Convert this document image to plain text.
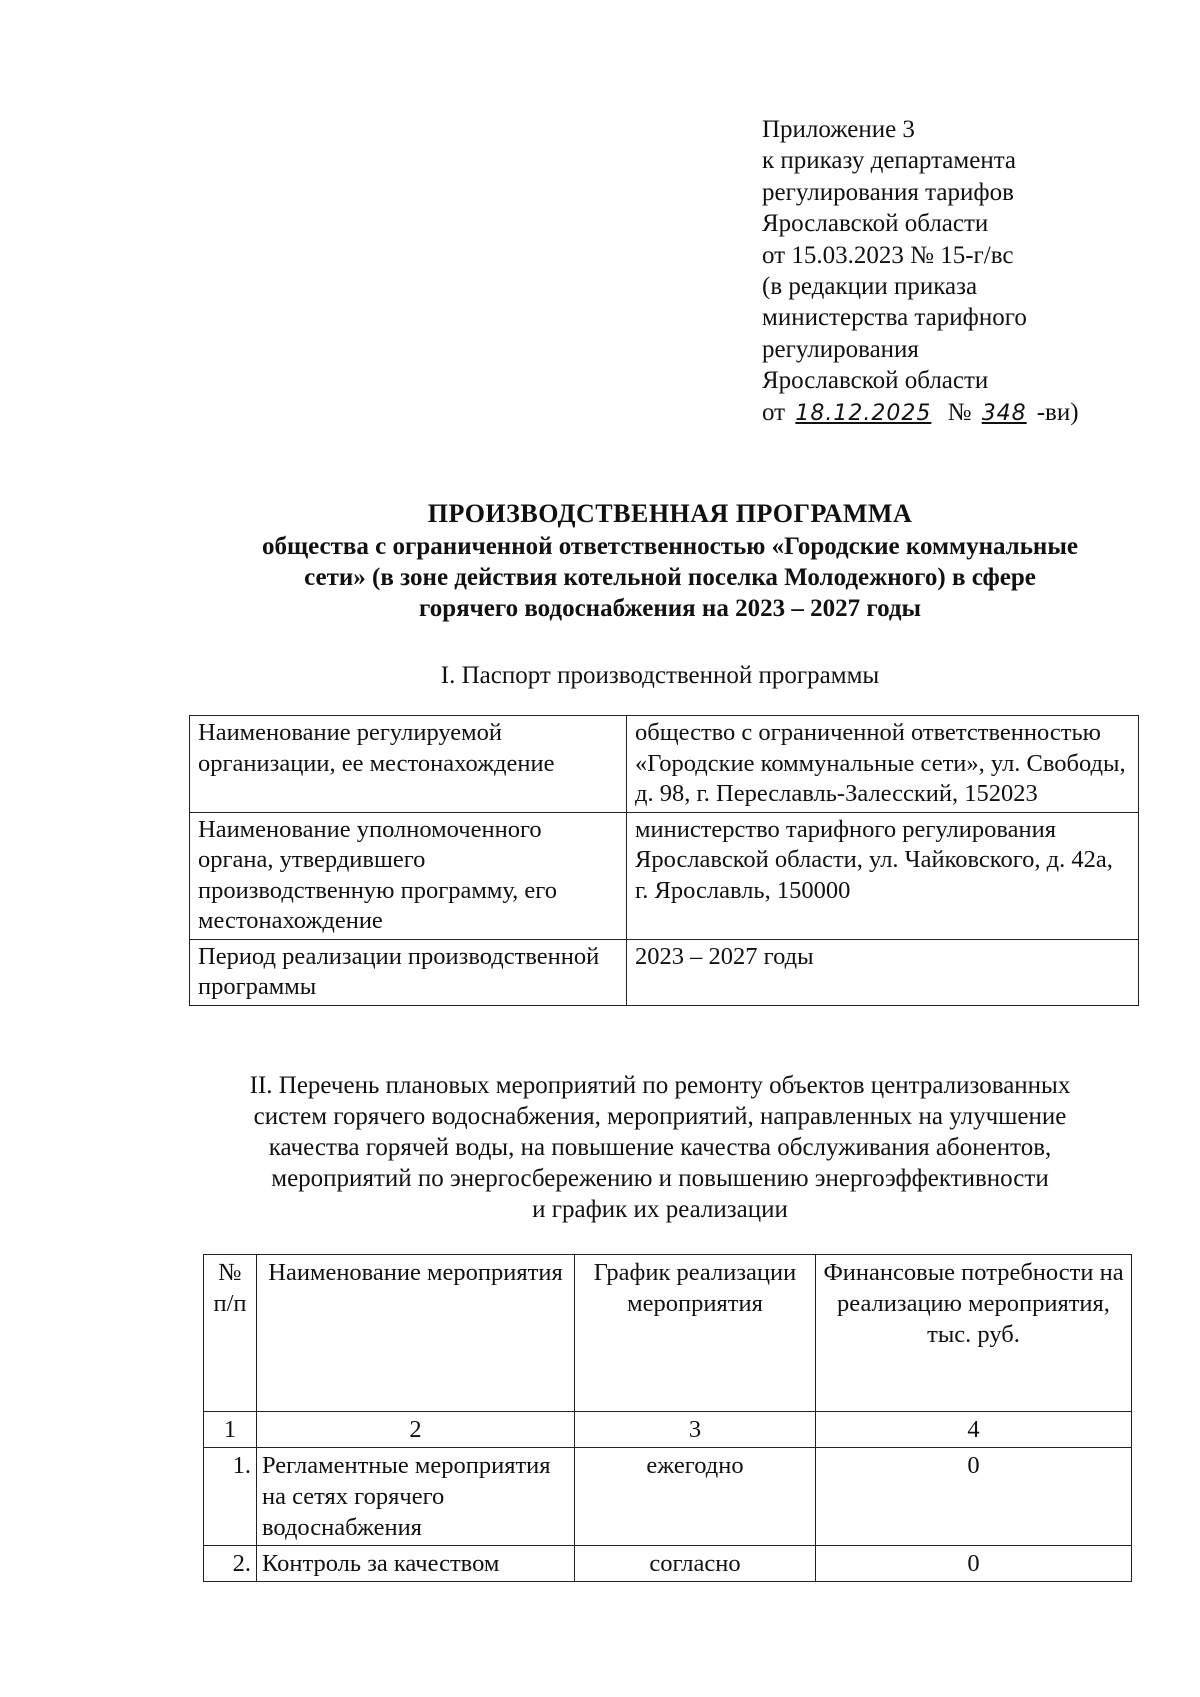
Приложение 3
к приказу департамента
регулирования тарифов
Ярославской области
от 15.03.2023 № 15-г/вс
(в редакции приказа
министерства тарифного
регулирования
Ярославской области
от 18.12.2025 № 348 -ви)
ПРОИЗВОДСТВЕННАЯ ПРОГРАММА
общества с ограниченной ответственностью «Городские коммунальные
сети» (в зоне действия котельной поселка Молодежного) в сфере
горячего водоснабжения на 2023 – 2027 годы
I. Паспорт производственной программы
Наименование регулируемой организации, ее местонахождение	общество с ограниченной ответственностью «Городские коммунальные сети», ул. Свободы, д. 98, г. Переславль-Залесский, 152023
Наименование уполномоченного органа, утвердившего производственную программу, его местонахождение	министерство тарифного регулирования Ярославской области, ул. Чайковского, д. 42а, г. Ярославль, 150000
Период реализации производственной программы	2023 – 2027 годы
II. Перечень плановых мероприятий по ремонту объектов централизованных
систем горячего водоснабжения, мероприятий, направленных на улучшение
качества горячей воды, на повышение качества обслуживания абонентов,
мероприятий по энергосбережению и повышению энергоэффективности
и график их реализации
№ п/п	Наименование мероприятия	График реализации мероприятия	Финансовые потребности на реализацию мероприятия, тыс. руб.
1	2	3	4
1.	Регламентные мероприятия на сетях горячего водоснабжения	ежегодно	0
2.	Контроль за качеством	согласно	0
